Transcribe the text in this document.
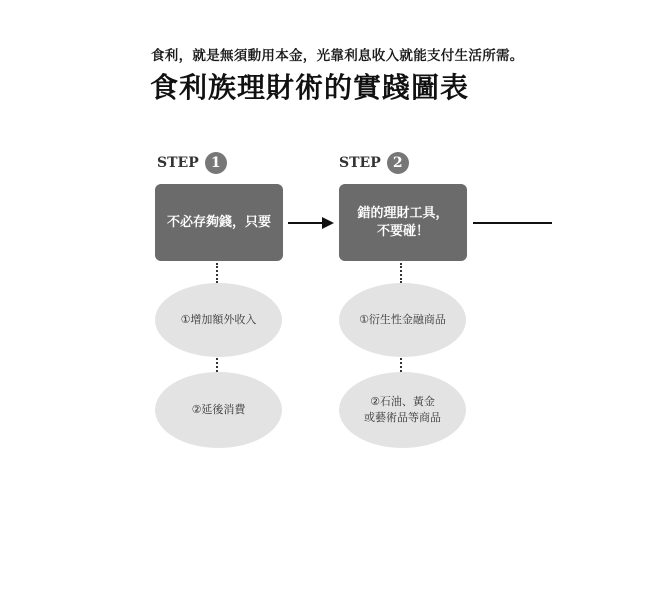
食利，就是無須動用本金，光靠利息收入就能支付生活所需。
食利族理財術的實踐圖表
STEP 1
不必存夠錢，只要
①增加額外收入
②延後消費
STEP 2
錯的理財工具，
不要碰！
①衍生性金融商品
②石油、黃金
或藝術品等商品
